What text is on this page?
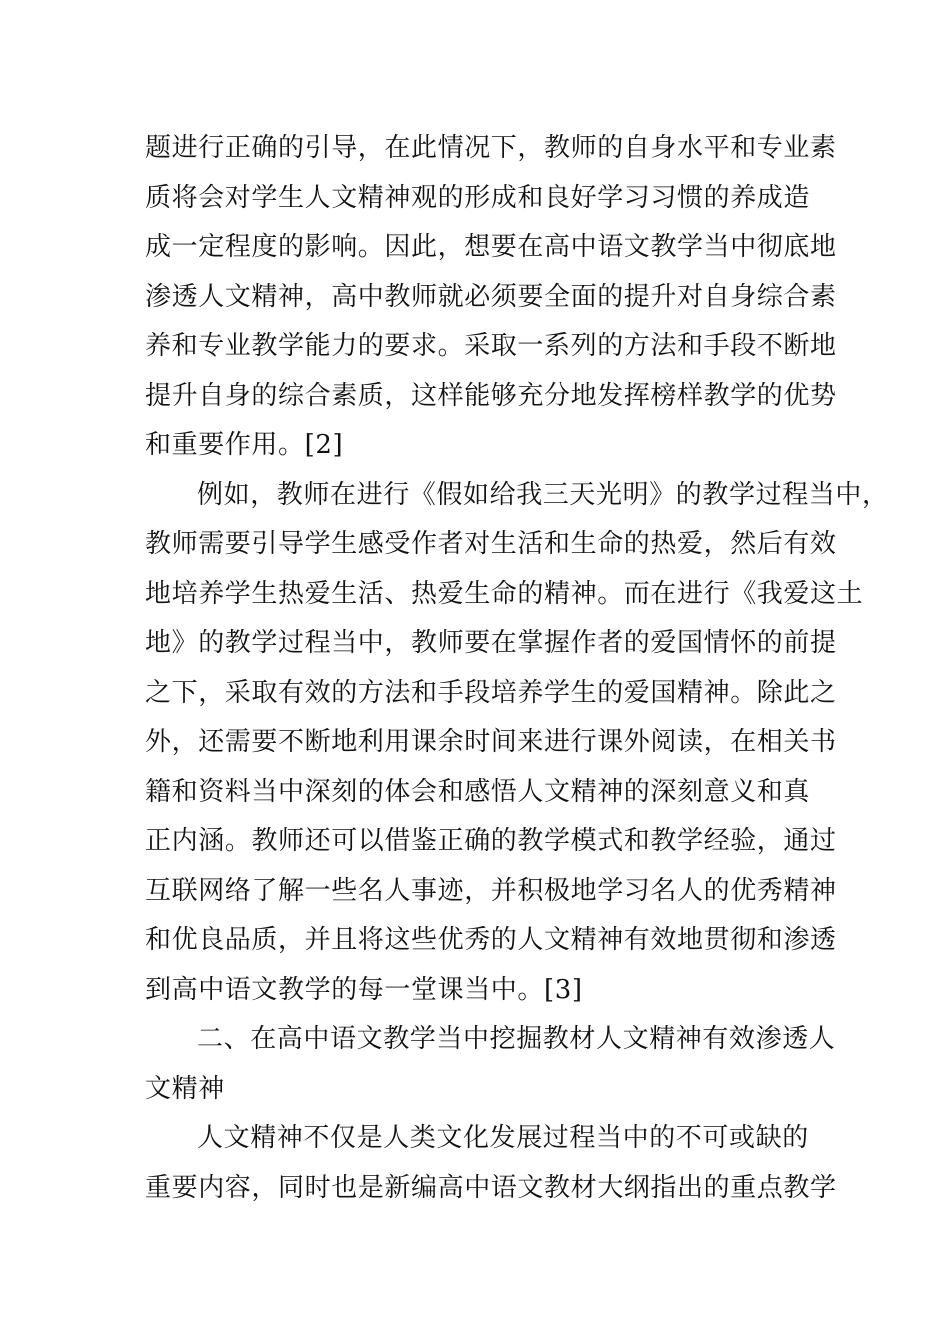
题进行正确的引导，在此情况下，教师的自身水平和专业素
质将会对学生人文精神观的形成和良好学习习惯的养成造
成一定程度的影响。因此，想要在高中语文教学当中彻底地
渗透人文精神，高中教师就必须要全面的提升对自身综合素
养和专业教学能力的要求。采取一系列的方法和手段不断地
提升自身的综合素质，这样能够充分地发挥榜样教学的优势
和重要作用。[2]
例如，教师在进行《假如给我三天光明》的教学过程当中，
教师需要引导学生感受作者对生活和生命的热爱，然后有效
地培养学生热爱生活、热爱生命的精神。而在进行《我爱这土
地》的教学过程当中，教师要在掌握作者的爱国情怀的前提
之下，采取有效的方法和手段培养学生的爱国精神。除此之
外，还需要不断地利用课余时间来进行课外阅读，在相关书
籍和资料当中深刻的体会和感悟人文精神的深刻意义和真
正内涵。教师还可以借鉴正确的教学模式和教学经验，通过
互联网络了解一些名人事迹，并积极地学习名人的优秀精神
和优良品质，并且将这些优秀的人文精神有效地贯彻和渗透
到高中语文教学的每一堂课当中。[3]
二、在高中语文教学当中挖掘教材人文精神有效渗透人
文精神
人文精神不仅是人类文化发展过程当中的不可或缺的
重要内容，同时也是新编高中语文教材大纲指出的重点教学
